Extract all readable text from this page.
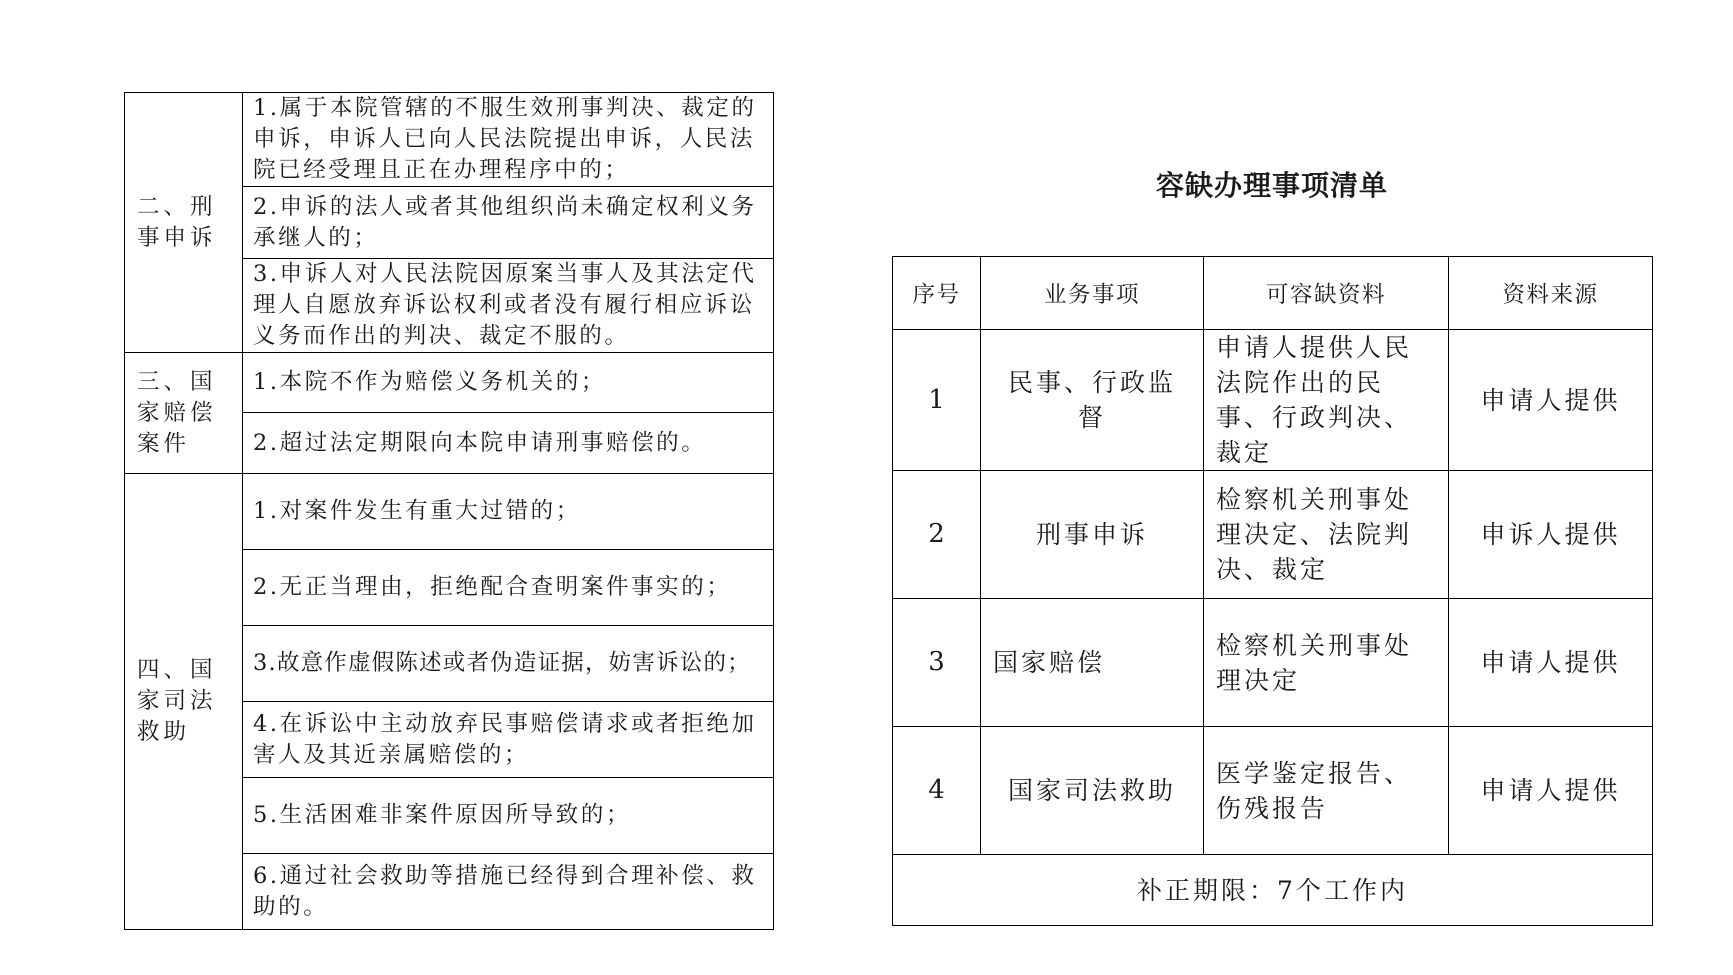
二、刑事申诉	1.属于本院管辖的不服生效刑事判决、裁定的申诉，申诉人已向人民法院提出申诉，人民法院已经受理且正在办理程序中的；
	2.申诉的法人或者其他组织尚未确定权利义务承继人的；
	3.申诉人对人民法院因原案当事人及其法定代理人自愿放弃诉讼权利或者没有履行相应诉讼义务而作出的判决、裁定不服的。
三、国家赔偿案件	1.本院不作为赔偿义务机关的；
	2.超过法定期限向本院申请刑事赔偿的。
四、国家司法救助	1.对案件发生有重大过错的；
	2.无正当理由，拒绝配合查明案件事实的；
	3.故意作虚假陈述或者伪造证据，妨害诉讼的；
	4.在诉讼中主动放弃民事赔偿请求或者拒绝加害人及其近亲属赔偿的；
	5.生活困难非案件原因所导致的；
	6.通过社会救助等措施已经得到合理补偿、救助的。
容缺办理事项清单
序号	业务事项	可容缺资料	资料来源
1	民事、行政监督	申请人提供人民法院作出的民事、行政判决、裁定	申请人提供
2	刑事申诉	检察机关刑事处理决定、法院判决、裁定	申诉人提供
3	国家赔偿	检察机关刑事处理决定	申请人提供
4	国家司法救助	医学鉴定报告、伤残报告	申请人提供
补正期限：7个工作内			
